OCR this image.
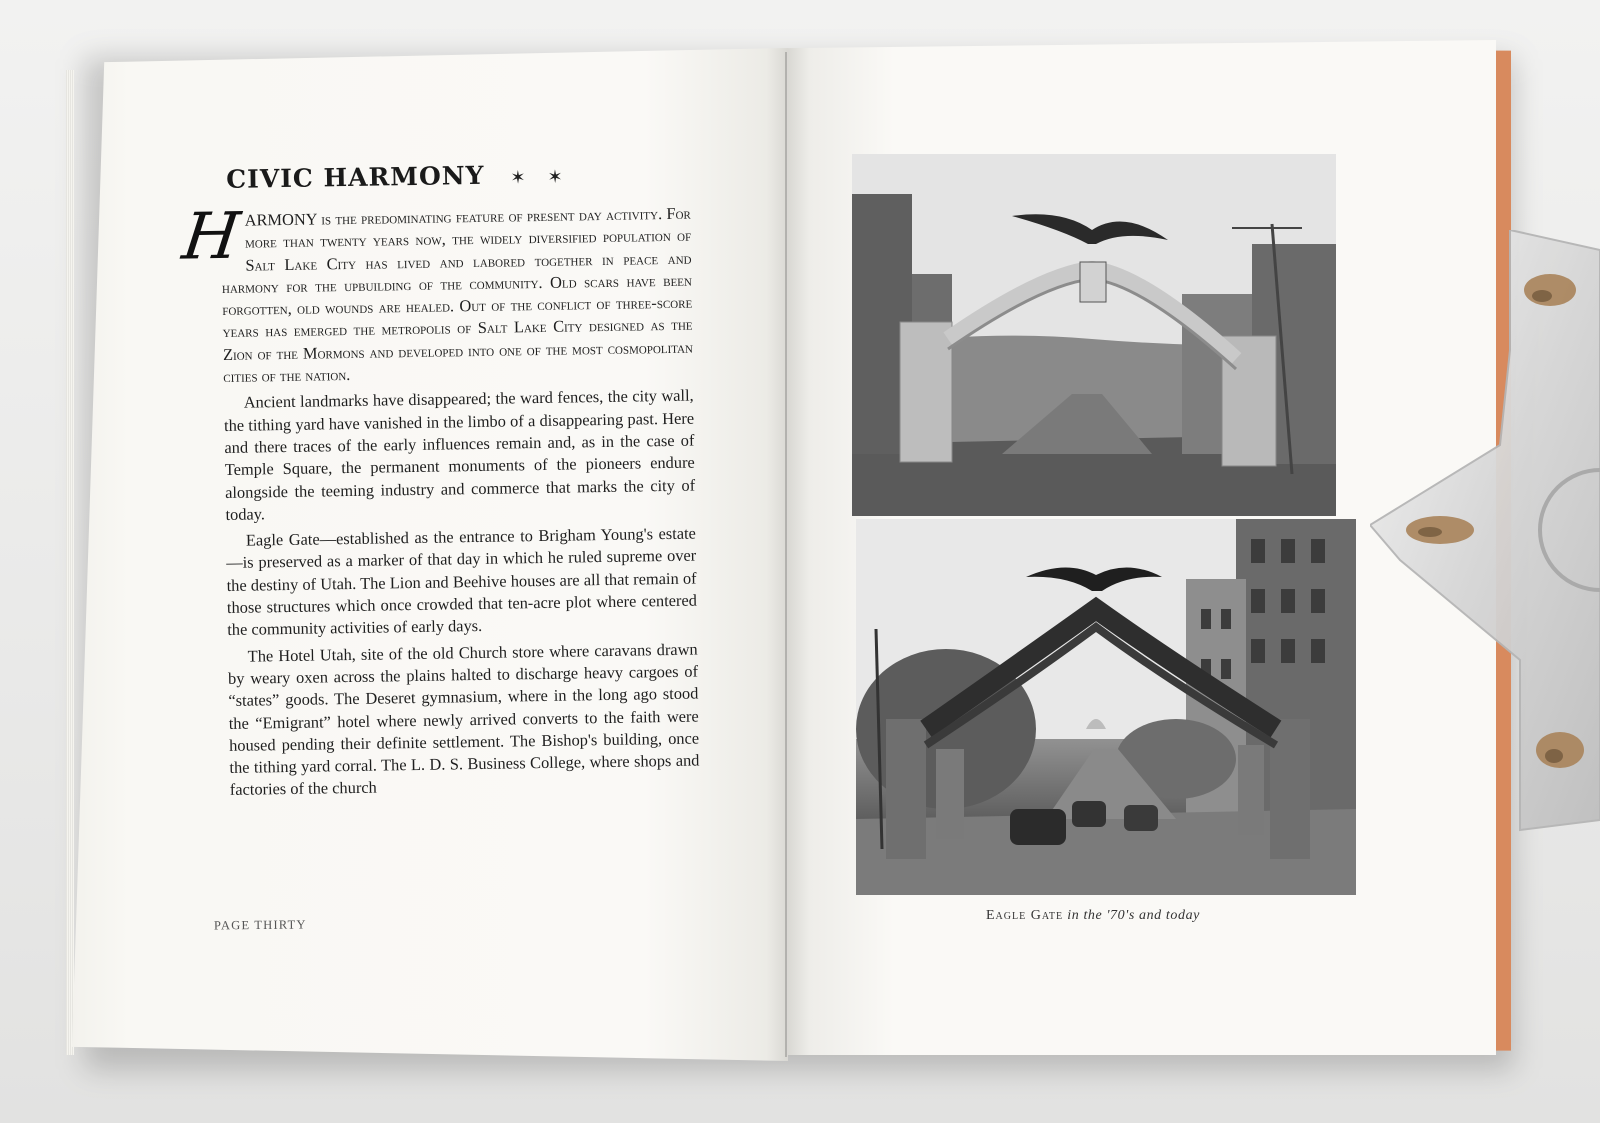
CIVIC HARMONY ✶ ✶

HARMONY is the predominating feature of present day activity. For more than twenty years now, the widely diversified population of Salt Lake City has lived and labored together in peace and harmony for the upbuilding of the community. Old scars have been forgotten, old wounds are healed. Out of the conflict of three-score years has emerged the metropolis of Salt Lake City designed as the Zion of the Mormons and developed into one of the most cosmopolitan cities of the nation.

Ancient landmarks have disappeared; the ward fences, the city wall, the tithing yard have vanished in the limbo of a disappearing past. Here and there traces of the early influences remain and, as in the case of Temple Square, the permanent monuments of the pioneers endure alongside the teeming industry and commerce that marks the city of today.

Eagle Gate—established as the entrance to Brigham Young's estate—is preserved as a marker of that day in which he ruled supreme over the destiny of Utah. The Lion and Beehive houses are all that remain of those structures which once crowded that ten-acre plot where centered the community activities of early days.

The Hotel Utah, site of the old Church store where caravans drawn by weary oxen across the plains halted to discharge heavy cargoes of “states” goods. The Deseret gymnasium, where in the long ago stood the “Emigrant” hotel where newly arrived converts to the faith were housed pending their definite settlement. The Bishop's building, once the tithing yard corral. The L. D. S. Business College, where shops and factories of the church

PAGE THIRTY
Eagle Gate in the '70's and today
